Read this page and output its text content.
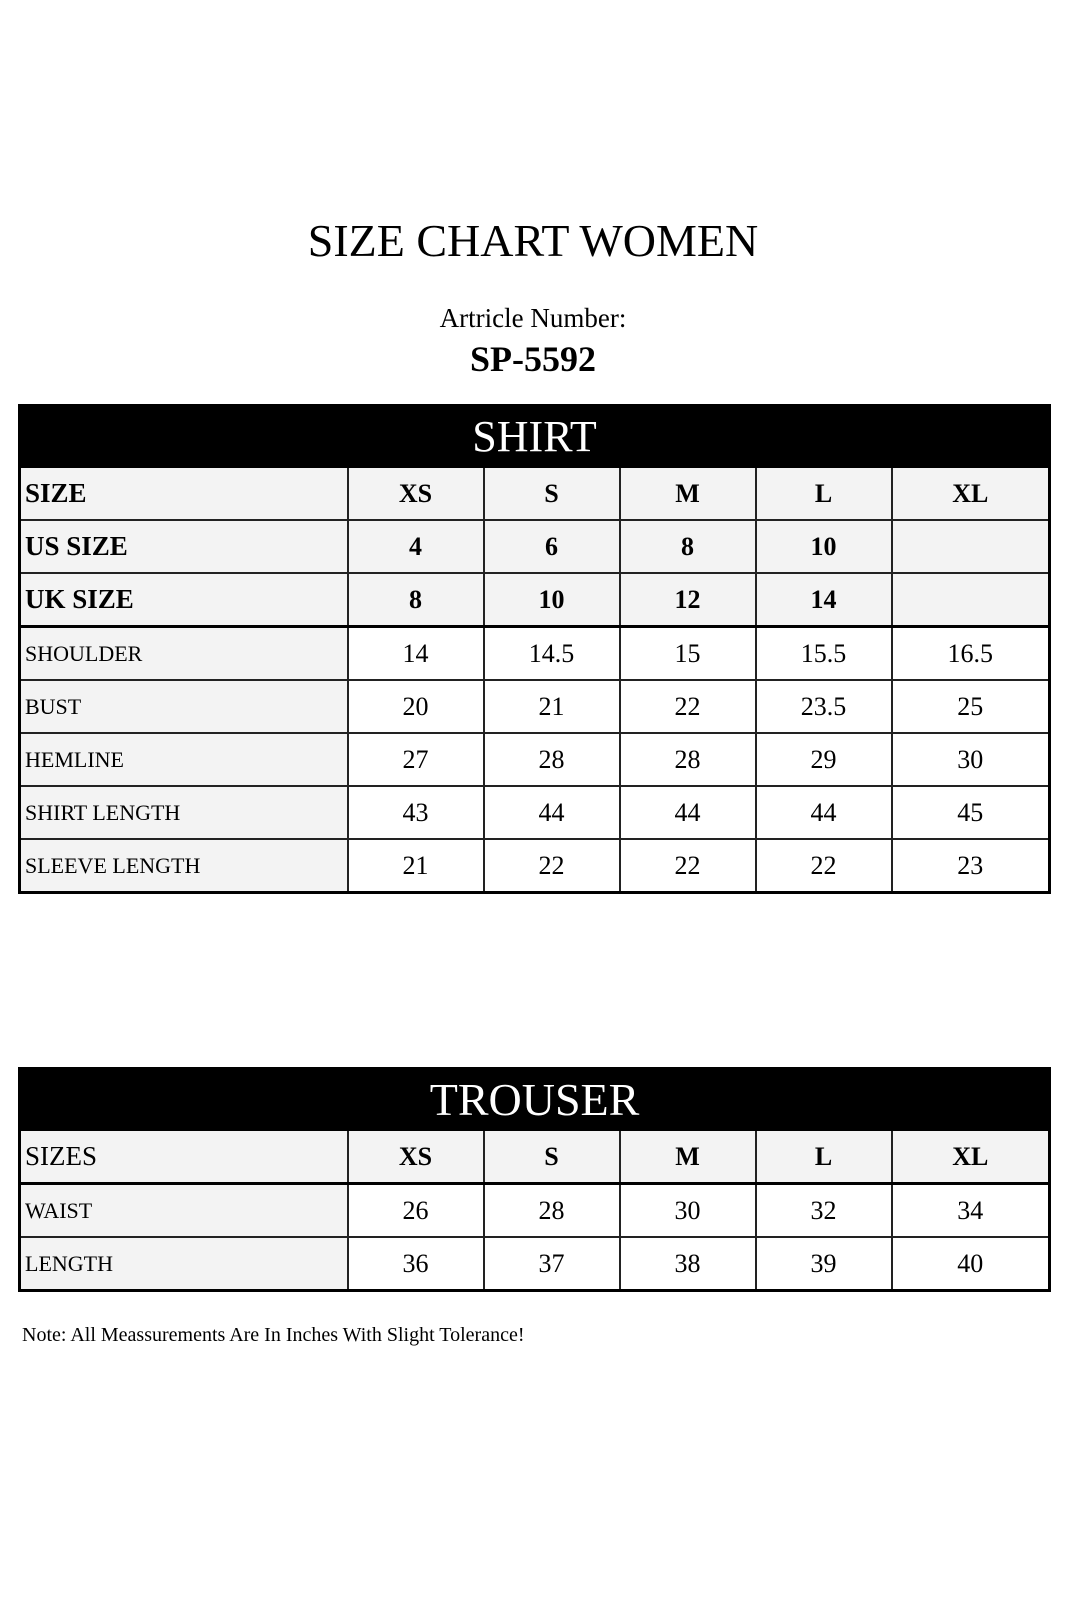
SIZE CHART WOMEN
Artricle Number:
SP-5592
SHIRT					
SIZE	XS	S	M	L	XL
US SIZE	4	6	8	10	
UK SIZE	8	10	12	14	
SHOULDER	14	14.5	15	15.5	16.5
BUST	20	21	22	23.5	25
HEMLINE	27	28	28	29	30
SHIRT LENGTH	43	44	44	44	45
SLEEVE LENGTH	21	22	22	22	23
TROUSER					
SIZES	XS	S	M	L	XL
WAIST	26	28	30	32	34
LENGTH	36	37	38	39	40
Note: All Meassurements Are In Inches With Slight Tolerance!
